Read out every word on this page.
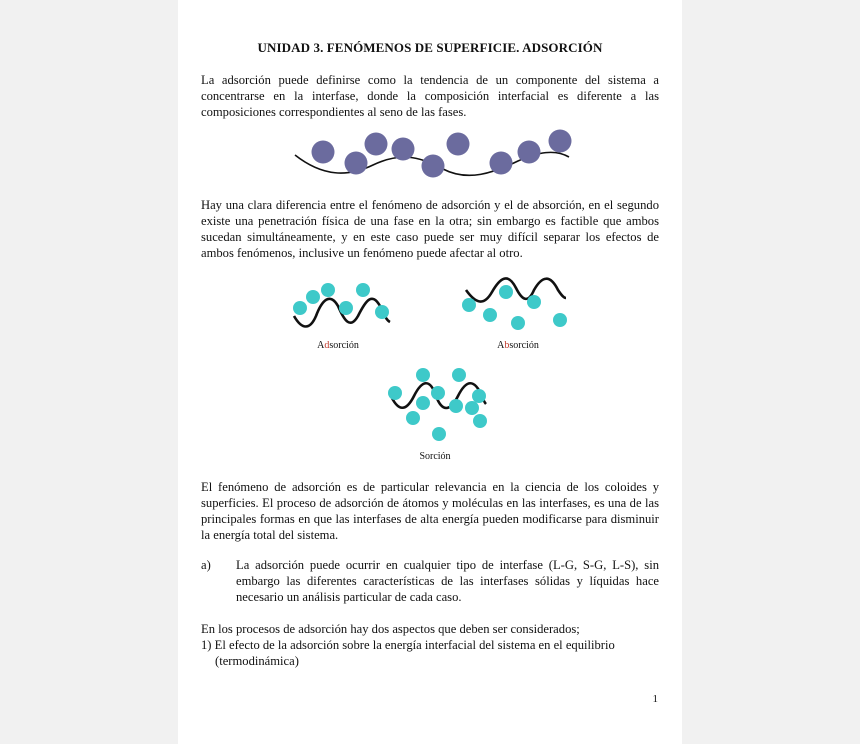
UNIDAD 3. FENÓMENOS DE SUPERFICIE. ADSORCIÓN
La adsorción puede definirse como la tendencia de un componente del sistema a concentrarse en la interfase, donde la composición interfacial es diferente a las composiciones correspondientes al seno de las fases.
Hay una clara diferencia entre el fenómeno de adsorción y el de absorción, en el segundo existe una penetración física de una fase en la otra; sin embargo es factible que ambos sucedan simultáneamente, y en este caso puede ser muy difícil separar los efectos de ambos fenómenos, inclusive un fenómeno puede afectar al otro.
Adsorción	Absorción
Sorción
El fenómeno de adsorción es de particular relevancia en la ciencia de los coloides y superficies. El proceso de adsorción de átomos y moléculas en las interfases, es una de las principales formas en que las interfases de alta energía pueden modificarse para disminuir la energía total del sistema.
a) La adsorción puede ocurrir en cualquier tipo de interfase (L-G, S-G, L-S), sin embargo las diferentes características de las interfases sólidas y líquidas hace necesario un análisis particular de cada caso.
En los procesos de adsorción hay dos aspectos que deben ser considerados;
1) El efecto de la adsorción sobre la energía interfacial del sistema en el equilibrio
(termodinámica)
1
